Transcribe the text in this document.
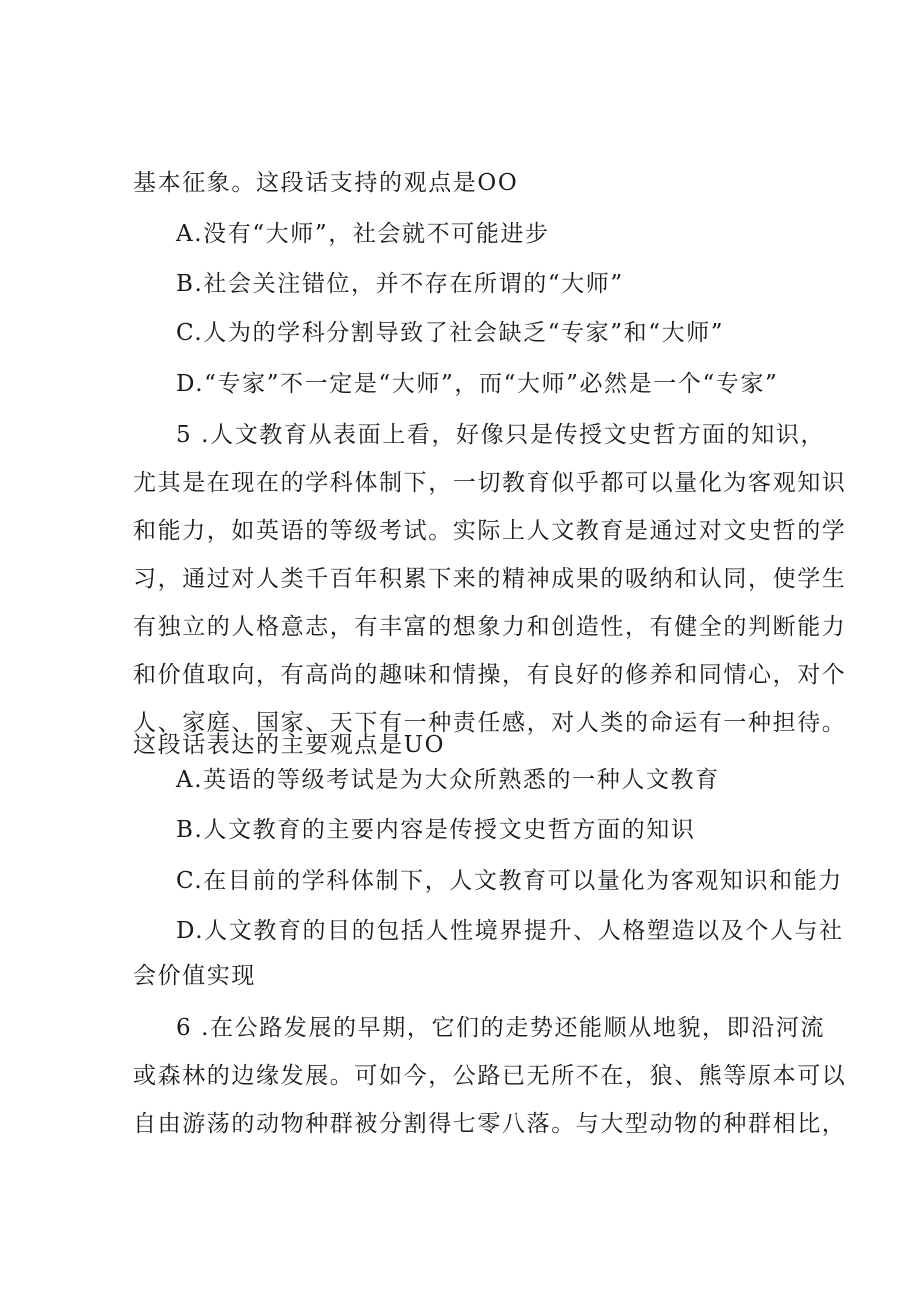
基本征象。这段话支持的观点是OO
A.没有“大师”，社会就不可能进步
B.社会关注错位，并不存在所谓的“大师”
C.人为的学科分割导致了社会缺乏“专家”和“大师”
D.“专家”不一定是“大师”，而“大师”必然是一个“专家”
5 .人文教育从表面上看，好像只是传授文史哲方面的知识，
尤其是在现在的学科体制下，一切教育似乎都可以量化为客观知识
和能力，如英语的等级考试。实际上人文教育是通过对文史哲的学
习，通过对人类千百年积累下来的精神成果的吸纳和认同，使学生
有独立的人格意志，有丰富的想象力和创造性，有健全的判断能力
和价值取向，有高尚的趣味和情操，有良好的修养和同情心，对个
人、家庭、国家、天下有一种责任感，对人类的命运有一种担待。
这段话表达的主要观点是UO
A.英语的等级考试是为大众所熟悉的一种人文教育
B.人文教育的主要内容是传授文史哲方面的知识
C.在目前的学科体制下，人文教育可以量化为客观知识和能力
D.人文教育的目的包括人性境界提升、人格塑造以及个人与社
会价值实现
6 .在公路发展的早期，它们的走势还能顺从地貌，即沿河流
或森林的边缘发展。可如今，公路已无所不在，狼、熊等原本可以
自由游荡的动物种群被分割得七零八落。与大型动物的种群相比，
